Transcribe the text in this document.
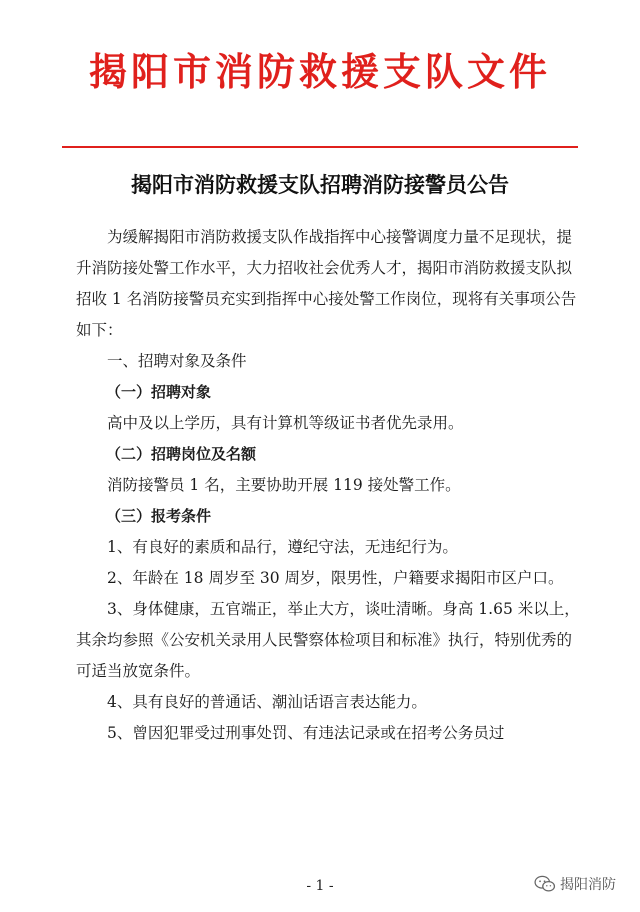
揭阳市消防救援支队文件
揭阳市消防救援支队招聘消防接警员公告

为缓解揭阳市消防救援支队作战指挥中心接警调度力量不足现状，提升消防接处警工作水平，大力招收社会优秀人才，揭阳市消防救援支队拟招收 1 名消防接警员充实到指挥中心接处警工作岗位，现将有关事项公告如下：

一、招聘对象及条件

（一）招聘对象

高中及以上学历，具有计算机等级证书者优先录用。

（二）招聘岗位及名额

消防接警员 1 名，主要协助开展 119 接处警工作。

（三）报考条件

1、有良好的素质和品行，遵纪守法，无违纪行为。

2、年龄在 18 周岁至 30 周岁，限男性，户籍要求揭阳市区户口。

3、身体健康，五官端正，举止大方，谈吐清晰。身高 1.65 米以上，其余均参照《公安机关录用人民警察体检项目和标准》执行，特别优秀的可适当放宽条件。

4、具有良好的普通话、潮汕话语言表达能力。

5、曾因犯罪受过刑事处罚、有违法记录或在招考公务员过

- 1 -	揭阳消防
